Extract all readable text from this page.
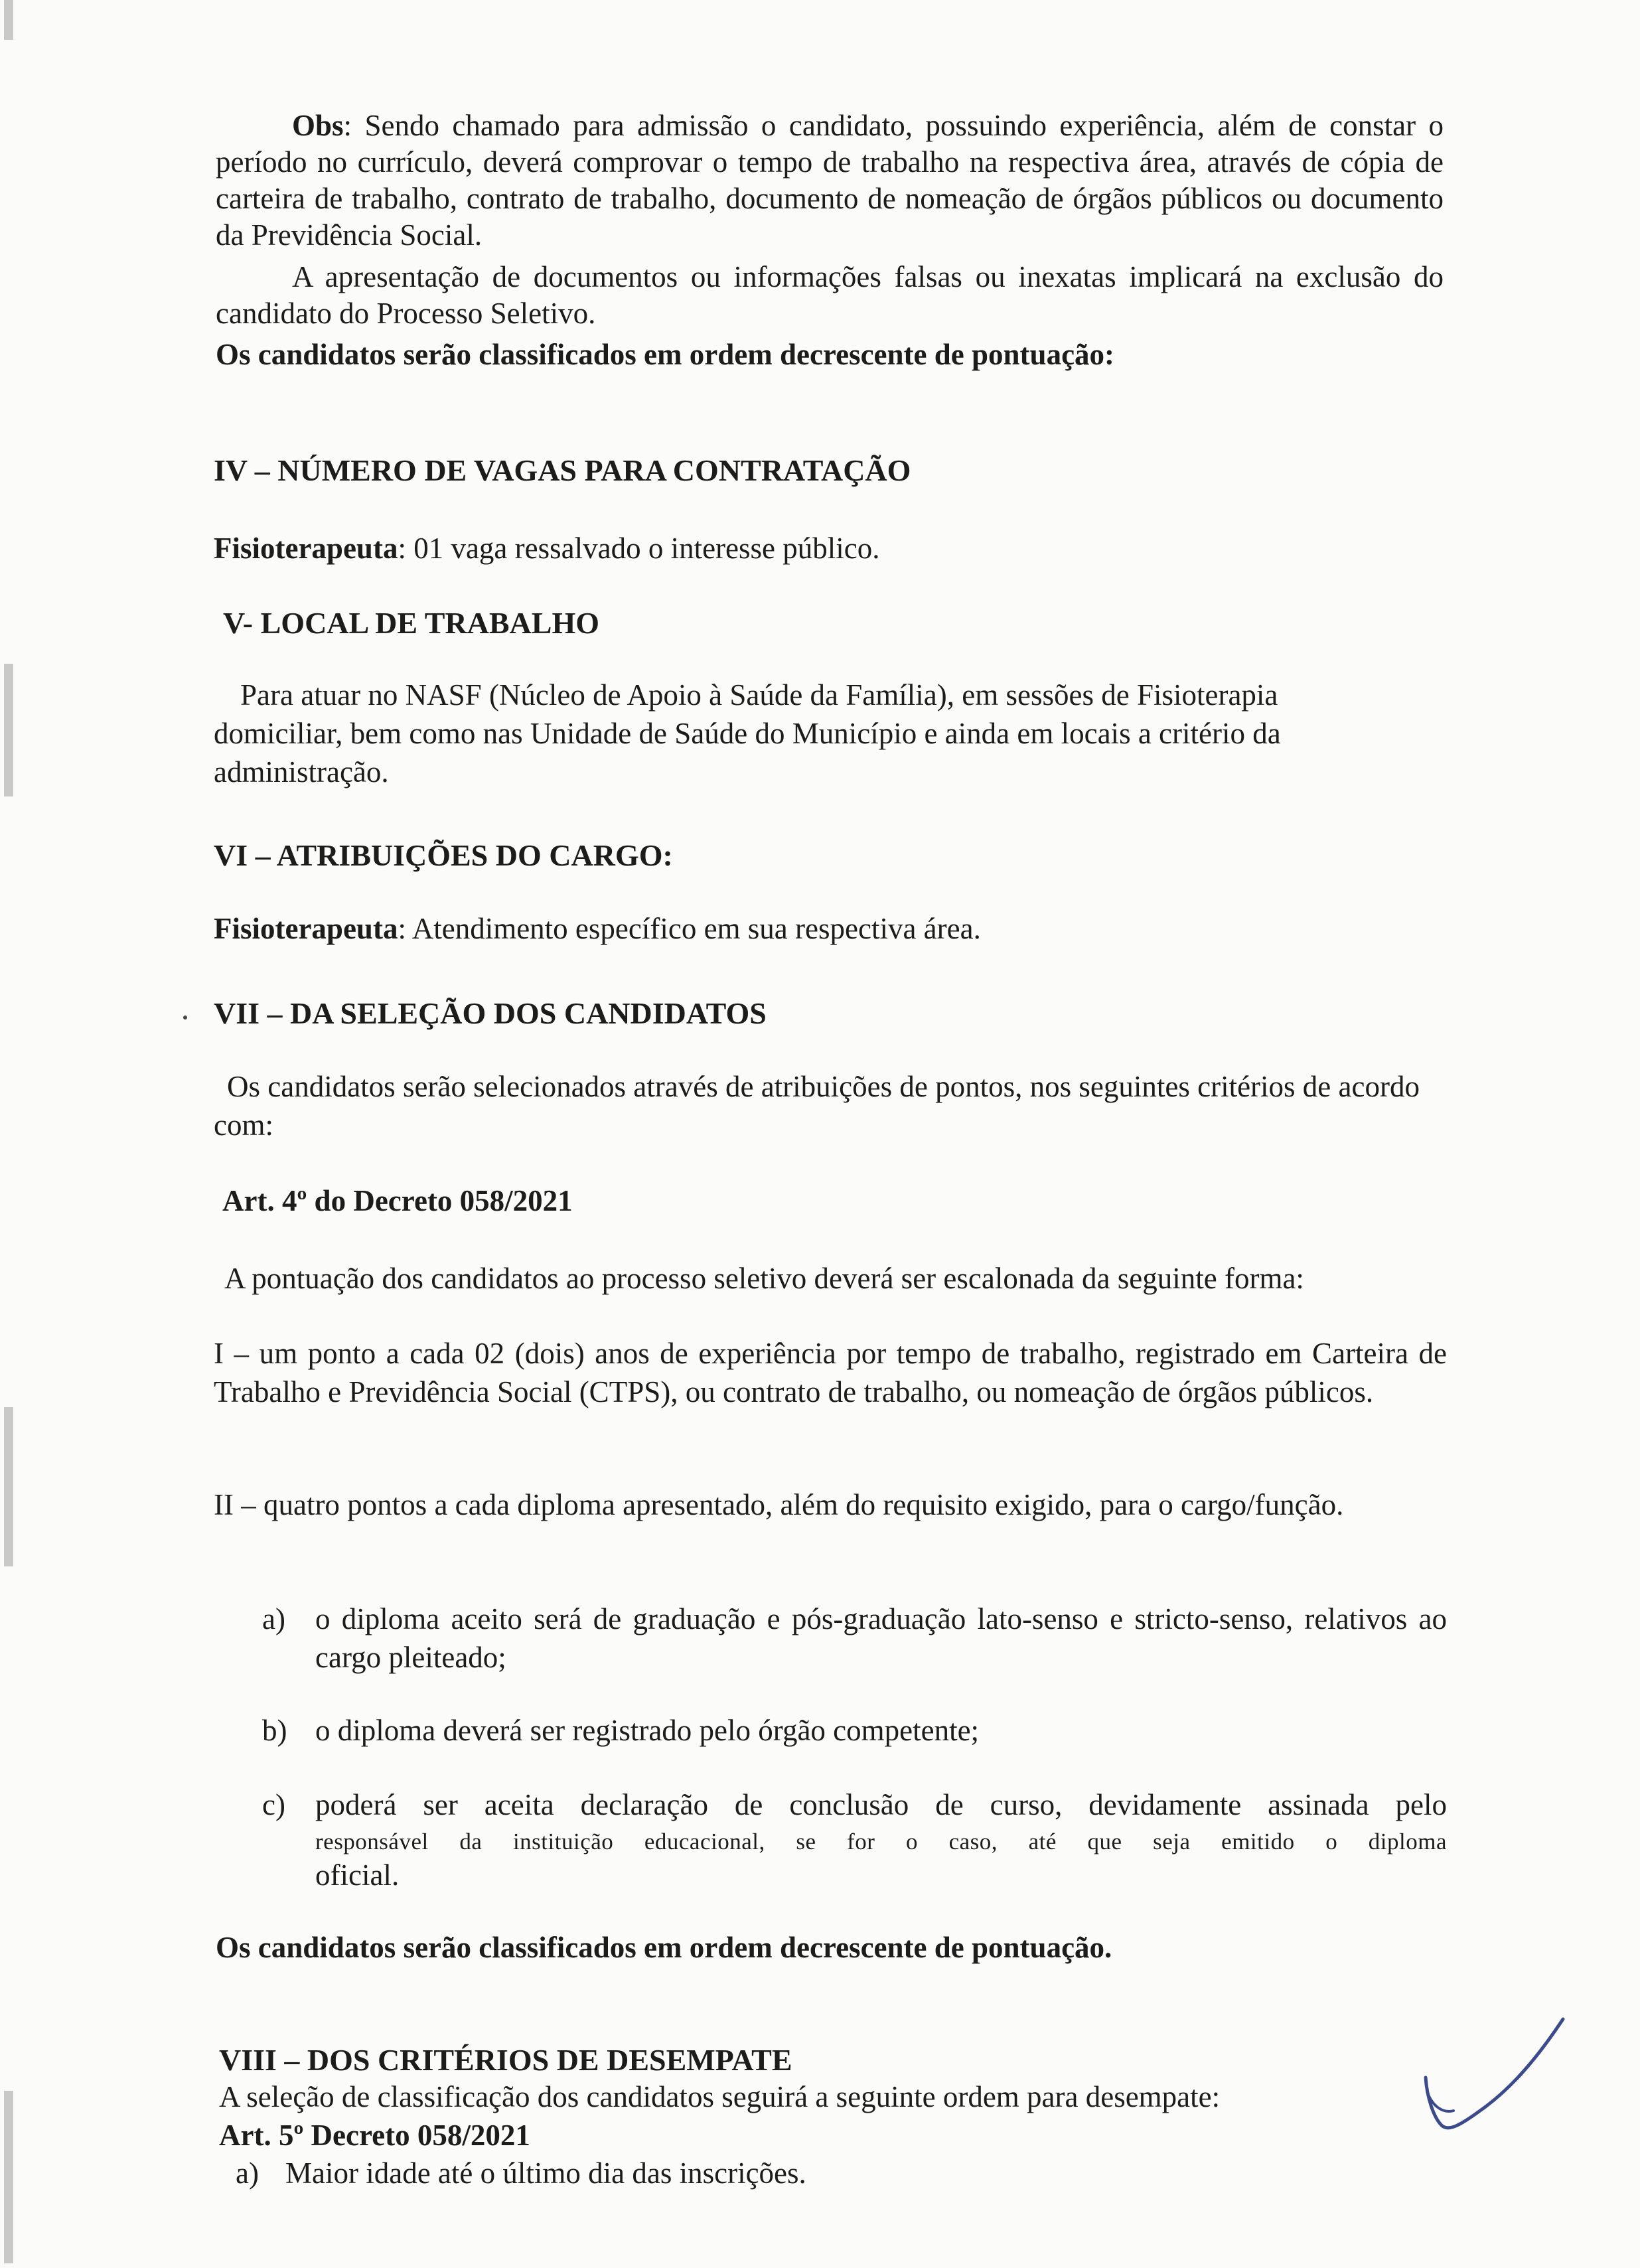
Obs: Sendo chamado para admissão o candidato, possuindo experiência, além de constar o período no currículo, deverá comprovar o tempo de trabalho na respectiva área, através de cópia de carteira de trabalho, contrato de trabalho, documento de nomeação de órgãos públicos ou documento da Previdência Social.

A apresentação de documentos ou informações falsas ou inexatas implicará na exclusão do candidato do Processo Seletivo.

Os candidatos serão classificados em ordem decrescente de pontuação:

IV – NÚMERO DE VAGAS PARA CONTRATAÇÃO

Fisioterapeuta: 01 vaga ressalvado o interesse público.

V- LOCAL DE TRABALHO

Para atuar no NASF (Núcleo de Apoio à Saúde da Família), em sessões de Fisioterapia domiciliar, bem como nas Unidade de Saúde do Município e ainda em locais a critério da administração.

VI – ATRIBUIÇÕES DO CARGO:

Fisioterapeuta: Atendimento específico em sua respectiva área.

VII – DA SELEÇÃO DOS CANDIDATOS

Os candidatos serão selecionados através de atribuições de pontos, nos seguintes critérios de acordo com:

Art. 4º do Decreto 058/2021

A pontuação dos candidatos ao processo seletivo deverá ser escalonada da seguinte forma:

I – um ponto a cada 02 (dois) anos de experiência por tempo de trabalho, registrado em Carteira de Trabalho e Previdência Social (CTPS), ou contrato de trabalho, ou nomeação de órgãos públicos.

II – quatro pontos a cada diploma apresentado, além do requisito exigido, para o cargo/função.

a) o diploma aceito será de graduação e pós-graduação lato-senso e stricto-senso, relativos ao cargo pleiteado;

b) o diploma deverá ser registrado pelo órgão competente;

c) poderá ser aceita declaração de conclusão de curso, devidamente assinada pelo

responsável da instituição educacional, se for o caso, até que seja emitido o diploma

oficial.

Os candidatos serão classificados em ordem decrescente de pontuação.

VIII – DOS CRITÉRIOS DE DESEMPATE

A seleção de classificação dos candidatos seguirá a seguinte ordem para desempate:

Art. 5º Decreto 058/2021

a) Maior idade até o último dia das inscrições.
